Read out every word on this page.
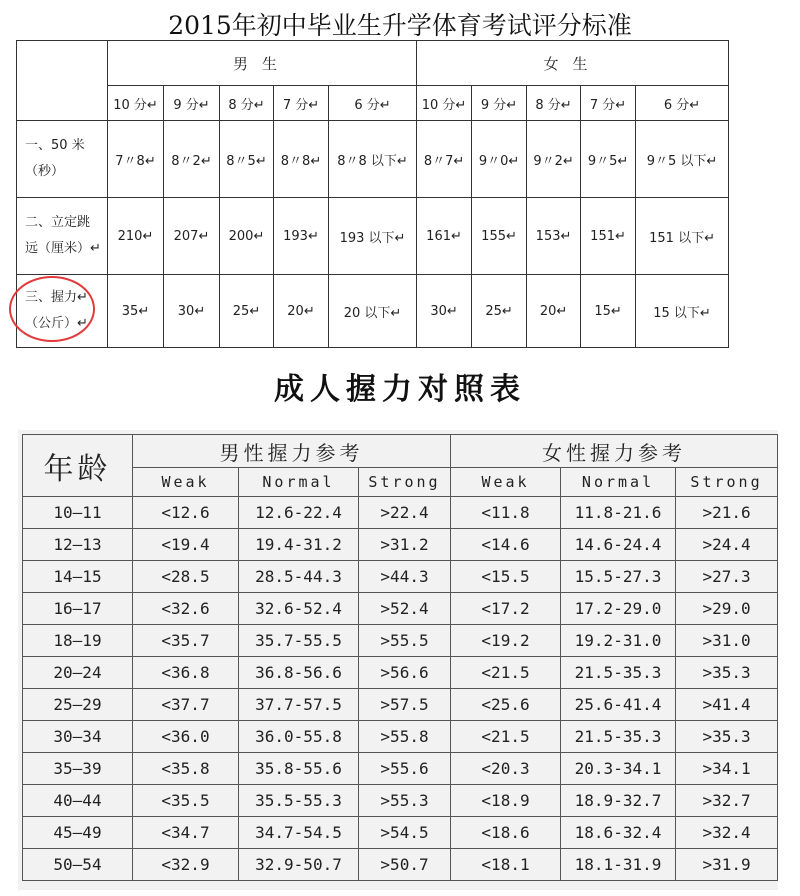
2015年初中毕业生升学体育考试评分标准
	男生					女生				
	10 分↵	9 分↵	8 分↵	7 分↵	6 分↵	10 分↵	9 分↵	8 分↵	7 分↵	6 分↵
一、50 米
（秒）	7〃8↵	8〃2↵	8〃5↵	8〃8↵	8〃8 以下↵	8〃7↵	9〃0↵	9〃2↵	9〃5↵	9〃5 以下↵
二、立定跳
远（厘米）↵	210↵	207↵	200↵	193↵	193 以下↵	161↵	155↵	153↵	151↵	151 以下↵
三、握力↵
（公斤）↵	35↵	30↵	25↵	20↵	20 以下↵	30↵	25↵	20↵	15↵	15 以下↵
成人握力对照表
年龄	男性握力参考			女性握力参考		
	Weak	Normal	Strong	Weak	Normal	Strong
10—11	<12.6	12.6-22.4	>22.4	<11.8	11.8-21.6	>21.6
12—13	<19.4	19.4-31.2	>31.2	<14.6	14.6-24.4	>24.4
14—15	<28.5	28.5-44.3	>44.3	<15.5	15.5-27.3	>27.3
16—17	<32.6	32.6-52.4	>52.4	<17.2	17.2-29.0	>29.0
18—19	<35.7	35.7-55.5	>55.5	<19.2	19.2-31.0	>31.0
20—24	<36.8	36.8-56.6	>56.6	<21.5	21.5-35.3	>35.3
25—29	<37.7	37.7-57.5	>57.5	<25.6	25.6-41.4	>41.4
30—34	<36.0	36.0-55.8	>55.8	<21.5	21.5-35.3	>35.3
35—39	<35.8	35.8-55.6	>55.6	<20.3	20.3-34.1	>34.1
40—44	<35.5	35.5-55.3	>55.3	<18.9	18.9-32.7	>32.7
45—49	<34.7	34.7-54.5	>54.5	<18.6	18.6-32.4	>32.4
50—54	<32.9	32.9-50.7	>50.7	<18.1	18.1-31.9	>31.9
